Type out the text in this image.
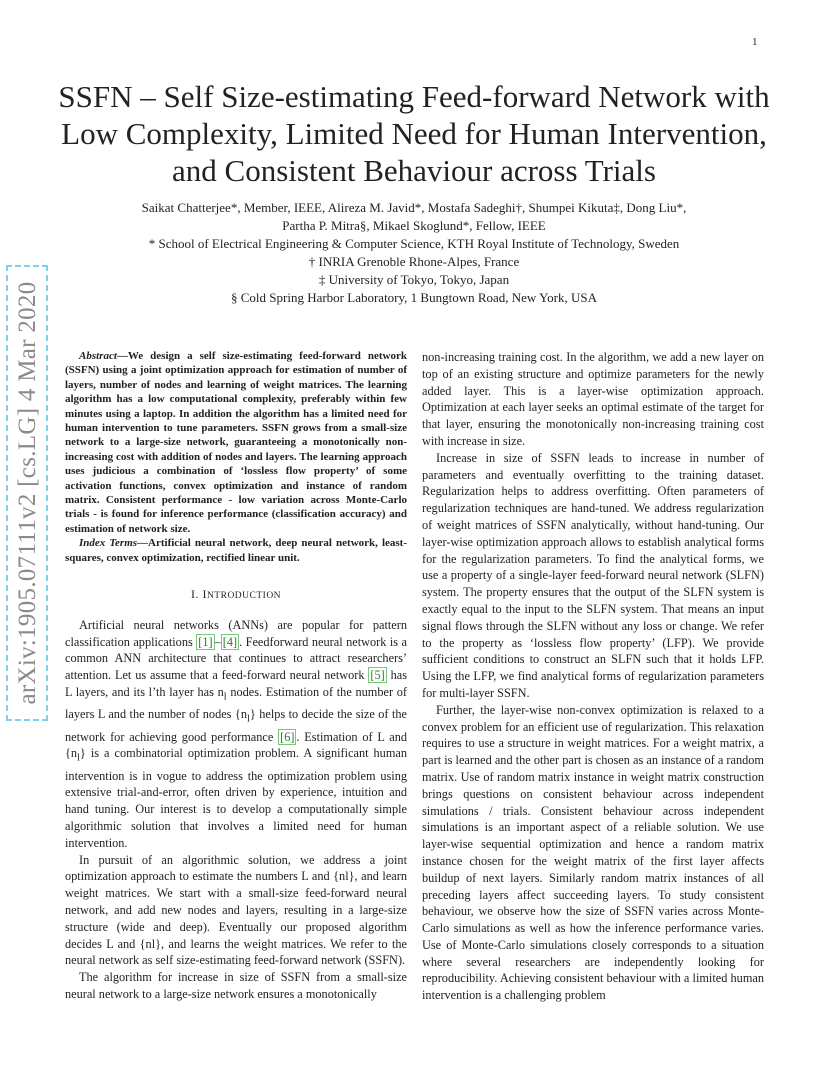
1
SSFN – Self Size-estimating Feed-forward Network with Low Complexity, Limited Need for Human Intervention, and Consistent Behaviour across Trials
Saikat Chatterjee*, Member, IEEE, Alireza M. Javid*, Mostafa Sadeghi†, Shumpei Kikuta‡, Dong Liu*,
Partha P. Mitra§, Mikael Skoglund*, Fellow, IEEE
* School of Electrical Engineering & Computer Science, KTH Royal Institute of Technology, Sweden
† INRIA Grenoble Rhone-Alpes, France
‡ University of Tokyo, Tokyo, Japan
§ Cold Spring Harbor Laboratory, 1 Bungtown Road, New York, USA
arXiv:1905.07111v2 [cs.LG] 4 Mar 2020	Abstract—We design a self size-estimating feed-forward network (SSFN) using a joint optimization approach for estimation of number of layers, number of nodes and learning of weight matrices. The learning algorithm has a low computational complexity, preferably within few minutes using a laptop. In addition the algorithm has a limited need for human intervention to tune parameters. SSFN grows from a small-size network to a large-size network, guaranteeing a monotonically non-increasing cost with addition of nodes and layers. The learning approach uses judicious a combination of ‘lossless flow property’ of some activation functions, convex optimization and instance of random matrix. Consistent performance - low variation across Monte-Carlo trials - is found for inference performance (classification accuracy) and estimation of network size.

Index Terms—Artificial neural network, deep neural network, least-squares, convex optimization, rectified linear unit.

I. INTRODUCTION

Artificial neural networks (ANNs) are popular for pattern classification applications [1] – [4] . Feedforward neural network is a common ANN architecture that continues to attract researchers’ attention. Let us assume that a feed-forward neural network [5] has L layers, and its l’th layer has $n_l$ nodes. Estimation of the number of layers L and the number of nodes $\{n_l\}$ helps to decide the size of the network for achieving good performance [6] . Estimation of L and $\{n_l\}$ is a combinatorial optimization problem. A significant human intervention is in vogue to address the optimization problem using extensive trial-and-error, often driven by experience, intuition and hand tuning. Our interest is to develop a computationally simple algorithmic solution that involves a limited need for human intervention.

In pursuit of an algorithmic solution, we address a joint optimization approach to estimate the numbers L and {nl}, and learn weight matrices. We start with a small-size feed-forward neural network, and add new nodes and layers, resulting in a large-size structure (wide and deep). Eventually our proposed algorithm decides L and {nl}, and learns the weight matrices. We refer to the neural network as self size-estimating feed-forward network (SSFN).

The algorithm for increase in size of SSFN from a small-size neural network to a large-size network ensures a monotonically

non-increasing training cost. In the algorithm, we add a new layer on top of an existing structure and optimize parameters for the newly added layer. This is a layer-wise optimization approach. Optimization at each layer seeks an optimal estimate of the target for that layer, ensuring the monotonically non-increasing training cost with increase in size.

Increase in size of SSFN leads to increase in number of parameters and eventually overfitting to the training dataset. Regularization helps to address overfitting. Often parameters of regularization techniques are hand-tuned. We address regularization of weight matrices of SSFN analytically, without hand-tuning. Our layer-wise optimization approach allows to establish analytical forms for the regularization parameters. To find the analytical forms, we use a property of a single-layer feed-forward neural network (SLFN) system. The property ensures that the output of the SLFN system is exactly equal to the input to the SLFN system. That means an input signal flows through the SLFN without any loss or change. We refer to the property as ‘lossless flow property’ (LFP). We provide sufficient conditions to construct an SLFN such that it holds LFP. Using the LFP, we find analytical forms of regularization parameters for multi-layer SSFN.

Further, the layer-wise non-convex optimization is relaxed to a convex problem for an efficient use of regularization. This relaxation requires to use a structure in weight matrices. For a weight matrix, a part is learned and the other part is chosen as an instance of a random matrix. Use of random matrix instance in weight matrix construction brings questions on consistent behaviour across independent simulations / trials. Consistent behaviour across independent simulations is an important aspect of a reliable solution. We use layer-wise sequential optimization and hence a random matrix instance chosen for the weight matrix of the first layer affects buildup of next layers. Similarly random matrix instances of all preceding layers affect succeeding layers. To study consistent behaviour, we observe how the size of SSFN varies across Monte-Carlo simulations as well as how the inference performance varies. Use of Monte-Carlo simulations closely corresponds to a situation where several researchers are independently looking for reproducibility. Achieving consistent behaviour with a limited human intervention is a challenging problem
